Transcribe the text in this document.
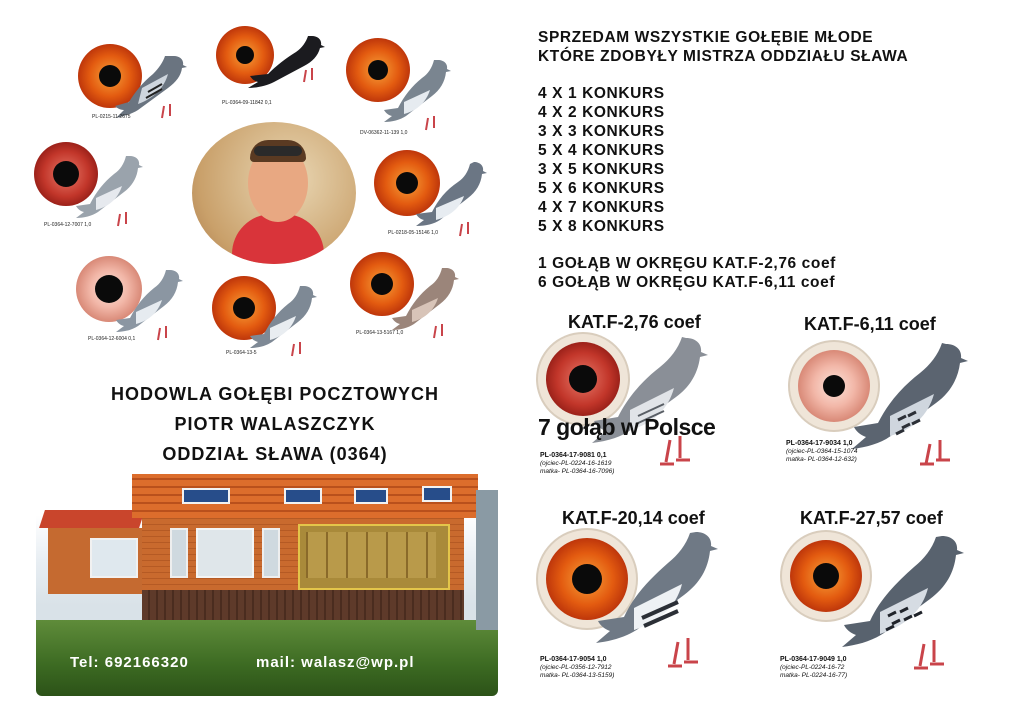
PL-0215-11-2675
PL-0364-09-11842 0,1
DV-06362-11-139 1,0
PL-0364-12-7007 1,0
PL-0218-05-15146 1,0
PL-0364-12-6004 0,1
PL-0364-13-5
PL-0364-13-5167 1,0
HODOWLA GOŁĘBI POCZTOWYCH
PIOTR WALASZCZYK
ODDZIAŁ SŁAWA (0364)
Tel: 692166320	mail: walasz@wp.pl
SPRZEDAM WSZYSTKIE GOŁĘBIE MŁODE
KTÓRE ZDOBYŁY MISTRZA ODDZIAŁU SŁAWA
4 X 1 KONKURS
4 X 2 KONKURS
3 X 3 KONKURS
5 X 4 KONKURS
3 X 5 KONKURS
5 X 6 KONKURS
4 X 7 KONKURS
5 X 8 KONKURS
1 GOŁĄB W OKRĘGU KAT.F-2,76 coef
6 GOŁĄB W OKRĘGU KAT.F-6,11 coef
KAT.F-2,76 coef
7 gołąb w Polsce
PL-0364-17-9081 0,1
(ojciec-PL-0224-16-1619
matka- PL-0364-16-7096)
KAT.F-6,11 coef
PL-0364-17-9034 1,0
(ojciec-PL-0364-15-1074
matka- PL-0364-12-632)
KAT.F-20,14 coef
PL-0364-17-9054 1,0
(ojciec-PL-0356-12-7912
matka- PL-0364-13-5159)
KAT.F-27,57 coef
PL-0364-17-9049 1,0
(ojciec-PL-0224-16-72
matka- PL-0224-16-77)
